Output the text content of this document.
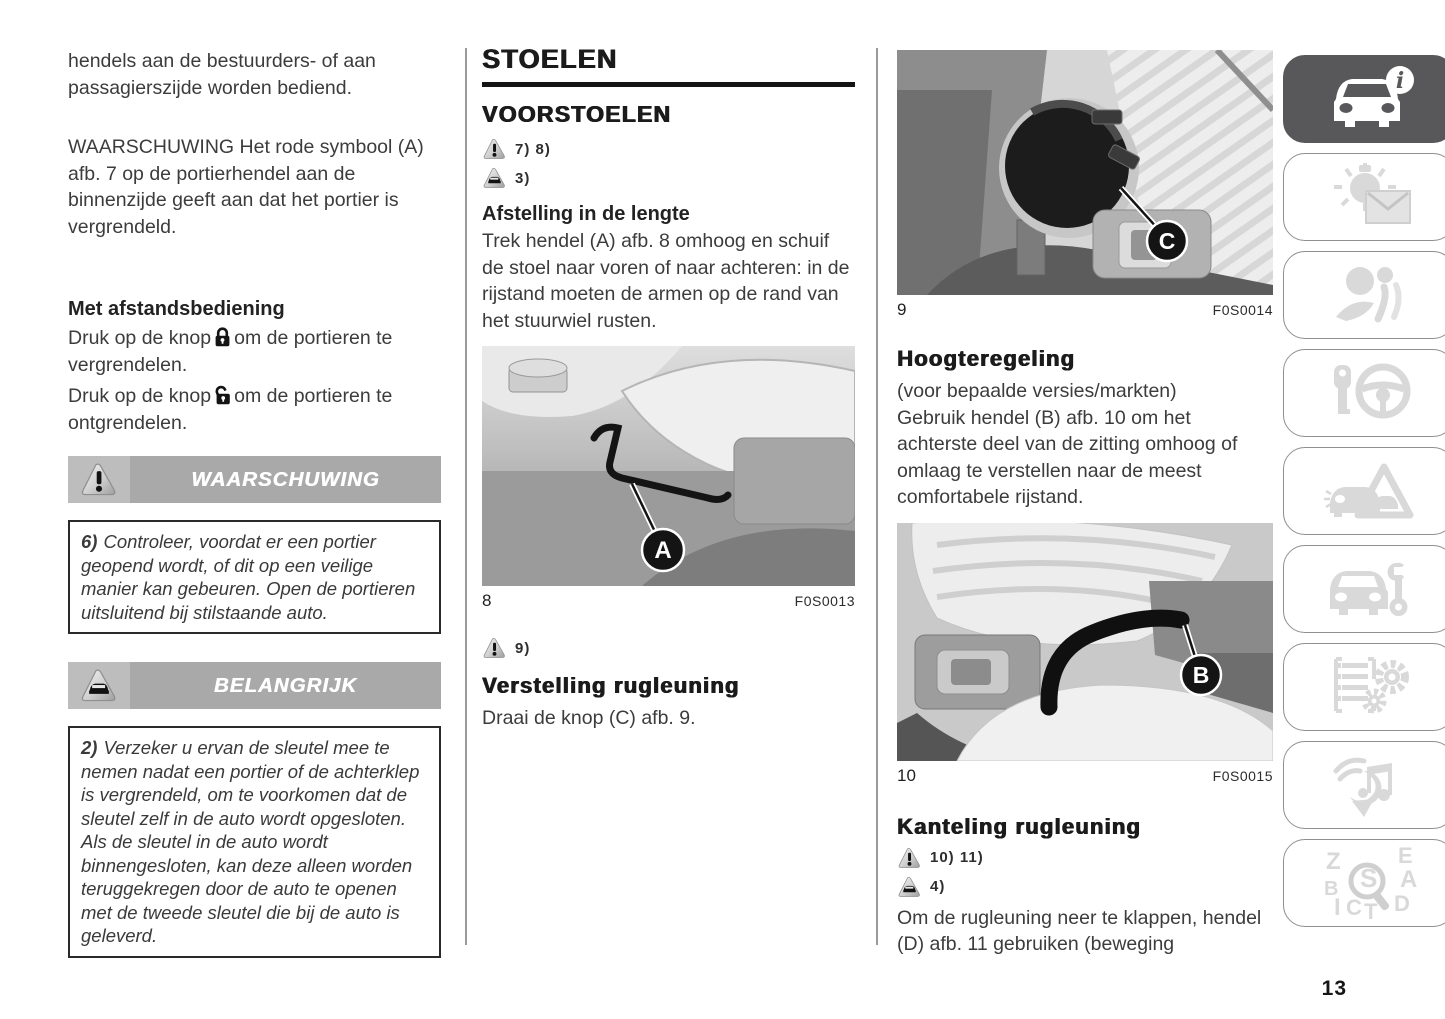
hendels aan de bestuurders- of aan passagierszijde worden bediend.

WAARSCHUWING Het rode symbool (A) afb. 7 op de portierhendel aan de binnenzijde geeft aan dat het portier is vergrendeld.

Met afstandsbediening

Druk op de knop om de portieren te vergrendelen.

Druk op de knop om de portieren te ontgrendelen.

WAARSCHUWING
6) Controleer, voordat er een portier geopend wordt, of dit op een veilige manier kan gebeuren. Open de portieren uitsluitend bij stilstaande auto.
BELANGRIJK
2) Verzeker u ervan de sleutel mee te nemen nadat een portier of de achterklep is vergrendeld, om te voorkomen dat de sleutel zelf in de auto wordt opgesloten. Als de sleutel in de auto wordt binnengesloten, kan deze alleen worden teruggekregen door de auto te openen met de tweede sleutel die bij de auto is geleverd.
STOELEN
VOORSTOELEN
7) 8)
3)
Afstelling in de lengte

Trek hendel (A) afb. 8 omhoog en schuif de stoel naar voren of naar achteren: in de rijstand moeten de armen op de rand van het stuurwiel rusten.

A
8	F0S0013
9)
Verstelling rugleuning

Draai de knop (C) afb. 9.

C
9	F0S0014
Hoogteregeling

(voor bepaalde versies/markten)

Gebruik hendel (B) afb. 10 om het achterste deel van de zitting omhoog of omlaag te verstellen naar de meest comfortabele rijstand.

B
10	F0S0015
Kanteling rugleuning
10) 11)
4)

Om de rugleuning neer te klappen, hendel (D) afb. 11 gebruiken (beweging

i
Z	E
B	A
I C D
T
S
13
